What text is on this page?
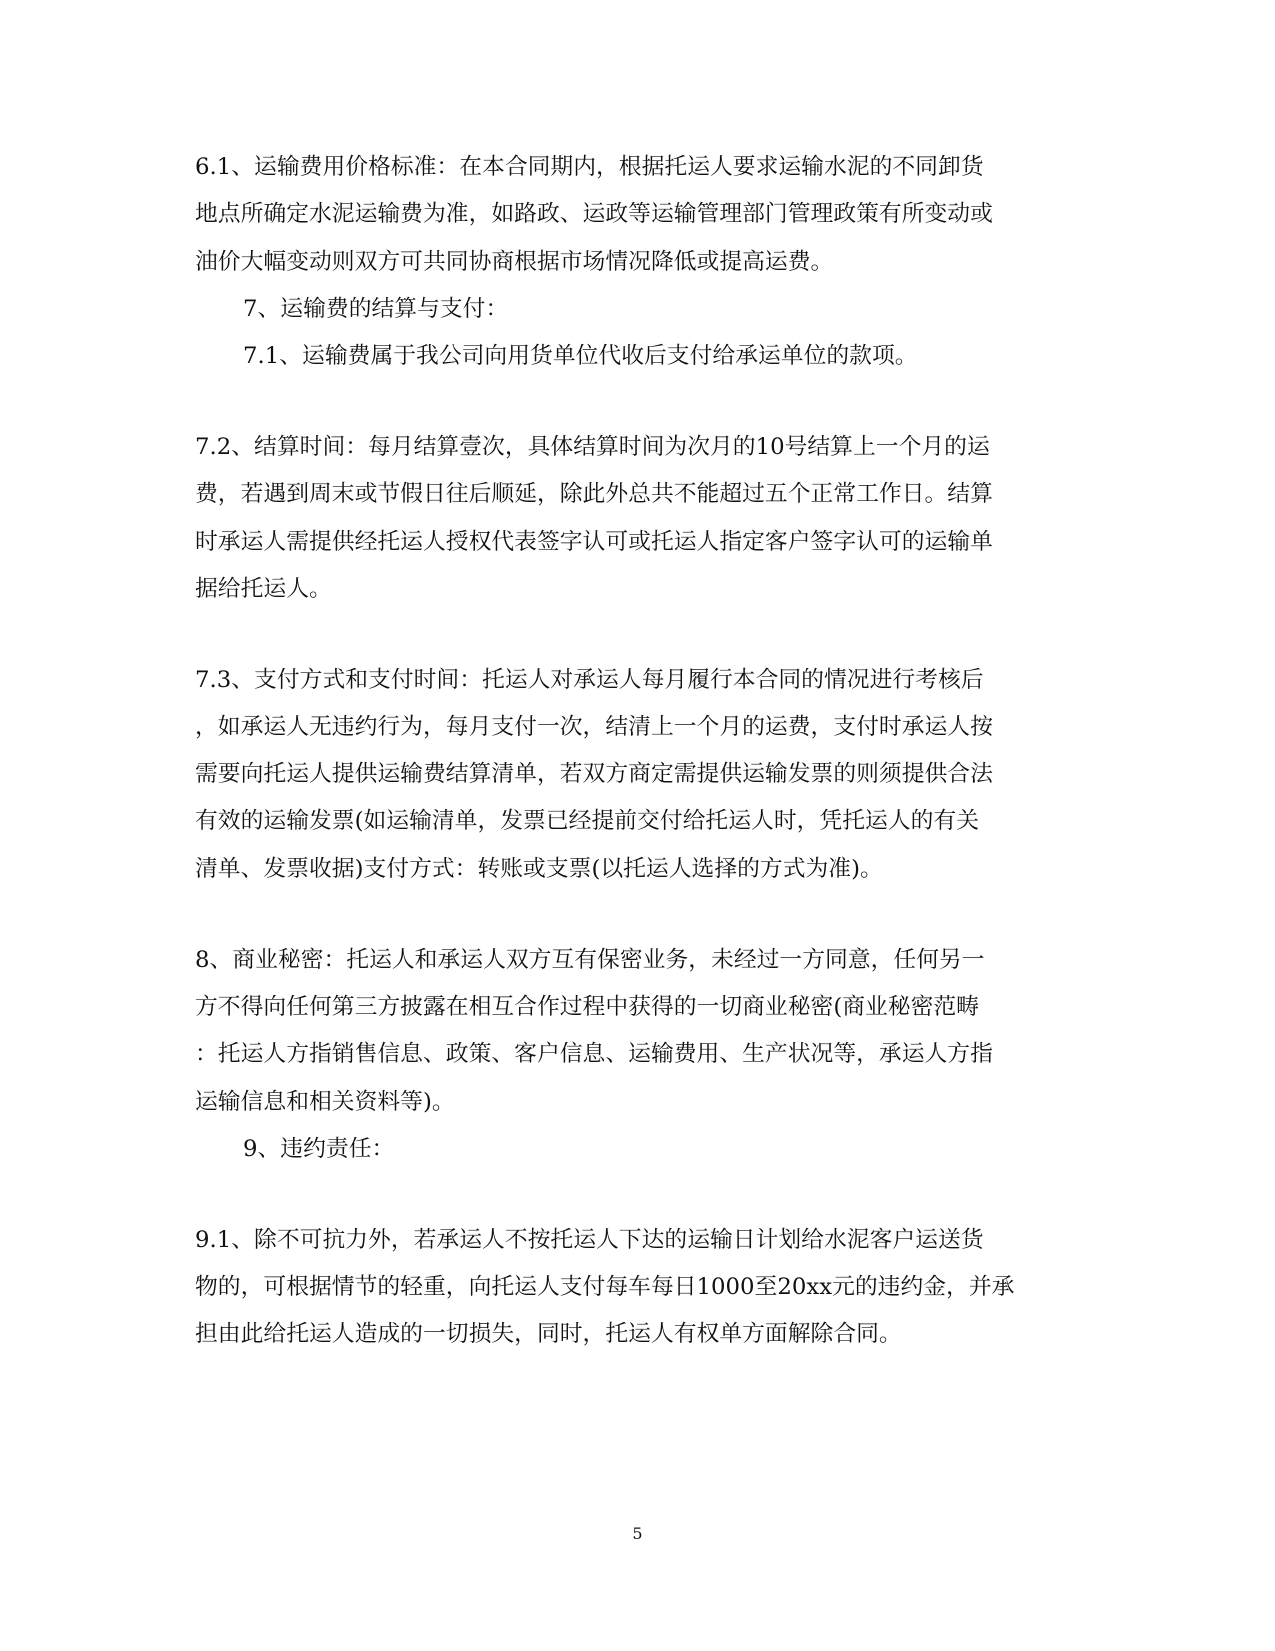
6.1、运输费用价格标准：在本合同期内，根据托运人要求运输水泥的不同卸货
地点所确定水泥运输费为准，如路政、运政等运输管理部门管理政策有所变动或
油价大幅变动则双方可共同协商根据市场情况降低或提高运费。
7、运输费的结算与支付：
7.1、运输费属于我公司向用货单位代收后支付给承运单位的款项。
7.2、结算时间：每月结算壹次，具体结算时间为次月的10号结算上一个月的运
费，若遇到周末或节假日往后顺延，除此外总共不能超过五个正常工作日。结算
时承运人需提供经托运人授权代表签字认可或托运人指定客户签字认可的运输单
据给托运人。
7.3、支付方式和支付时间：托运人对承运人每月履行本合同的情况进行考核后
，如承运人无违约行为，每月支付一次，结清上一个月的运费，支付时承运人按
需要向托运人提供运输费结算清单，若双方商定需提供运输发票的则须提供合法
有效的运输发票(如运输清单，发票已经提前交付给托运人时，凭托运人的有关
清单、发票收据)支付方式：转账或支票(以托运人选择的方式为准)。
8、商业秘密：托运人和承运人双方互有保密业务，未经过一方同意，任何另一
方不得向任何第三方披露在相互合作过程中获得的一切商业秘密(商业秘密范畴
：托运人方指销售信息、政策、客户信息、运输费用、生产状况等，承运人方指
运输信息和相关资料等)。
9、违约责任：
9.1、除不可抗力外，若承运人不按托运人下达的运输日计划给水泥客户运送货
物的，可根据情节的轻重，向托运人支付每车每日1000至20xx元的违约金，并承
担由此给托运人造成的一切损失，同时，托运人有权单方面解除合同。
5
